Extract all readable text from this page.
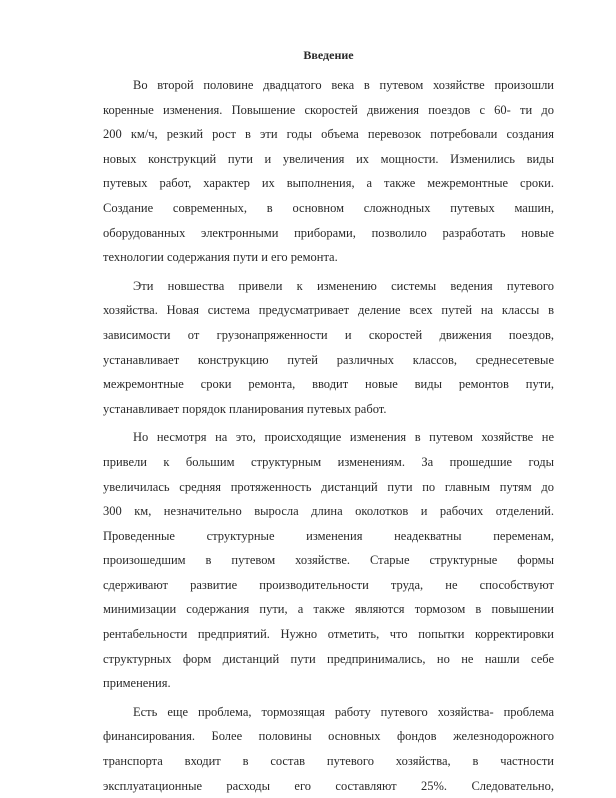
Введение
Во второй половине двадцатого века в путевом хозяйстве произошли
коренные изменения. Повышение скоростей движения поездов с 60- ти до
200 км/ч, резкий рост в эти годы объема перевозок потребовали создания
новых конструкций пути и увеличения их мощности. Изменились виды
путевых работ, характер их выполнения, а также межремонтные сроки.
Создание современных, в основном сложнодных путевых машин,
оборудованных электронными приборами, позволило разработать новые
технологии содержания пути и его ремонта.
Эти новшества привели к изменению системы ведения путевого
хозяйства. Новая система предусматривает деление всех путей на классы в
зависимости от грузонапряженности и скоростей движения поездов,
устанавливает конструкцию путей различных классов, среднесетевые
межремонтные сроки ремонта, вводит новые виды ремонтов пути,
устанавливает порядок планирования путевых работ.
Но несмотря на это, происходящие изменения в путевом хозяйстве не
привели к большим структурным изменениям. За прошедшие годы
увеличилась средняя протяженность дистанций пути по главным путям до
300 км, незначительно выросла длина околотков и рабочих отделений.
Проведенные структурные изменения неадекватны переменам,
произошедшим в путевом хозяйстве. Старые структурные формы
сдерживают развитие производительности труда, не способствуют
минимизации содержания пути, а также являются тормозом в повышении
рентабельности предприятий. Нужно отметить, что попытки корректировки
структурных форм дистанций пути предпринимались, но не нашли себе
применения.
Есть еще проблема, тормозящая работу путевого хозяйства- проблема
финансирования. Более половины основных фондов железнодорожного
транспорта входит в состав путевого хозяйства, в частности
эксплуатационные расходы его составляют 25%. Следовательно,
